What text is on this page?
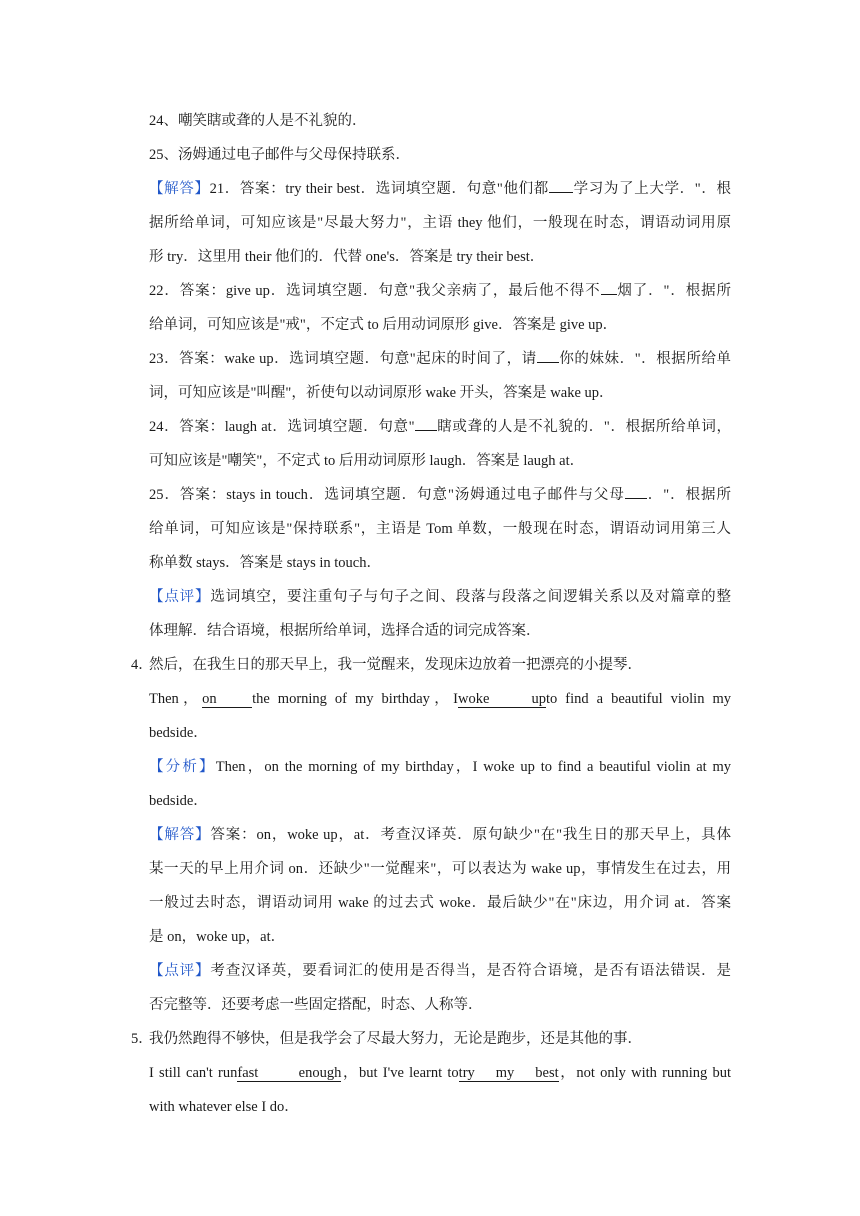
24、嘲笑瞎或聋的人是不礼貌的．
25、汤姆通过电子邮件与父母保持联系．
【解答】21．答案：try their best．选词填空题．句意"他们都 学习为了上大学．"．根
据所给单词，可知应该是"尽最大努力"，主语 they 他们，一般现在时态，谓语动词用原
形 try．这里用 their 他们的．代替 one's．答案是 try their best．
22．答案：give up．选词填空题．句意"我父亲病了，最后他不得不 烟了．"．根据所
给单词，可知应该是"戒"，不定式 to 后用动词原形 give．答案是 give up．
23．答案：wake up．选词填空题．句意"起床的时间了，请 你的妹妹．"．根据所给单
词，可知应该是"叫醒"，祈使句以动词原形 wake 开头，答案是 wake up．
24．答案：laugh at．选词填空题．句意" 瞎或聋的人是不礼貌的．"．根据所给单词，
可知应该是"嘲笑"，不定式 to 后用动词原形 laugh．答案是 laugh at．
25．答案：stays in touch．选词填空题．句意"汤姆通过电子邮件与父母 ．"．根据所
给单词，可知应该是"保持联系"，主语是 Tom 单数，一般现在时态，谓语动词用第三人
称单数 stays．答案是 stays in touch．
【点评】选词填空，要注重句子与句子之间、段落与段落之间逻辑关系以及对篇章的整
体理解．结合语境，根据所给单词，选择合适的词完成答案．
4．
然后，在我生日的那天早上，我一觉醒来，发现床边放着一把漂亮的小提琴．
Then，on the morning of my birthday，Iwoke upto find a beautiful violin my
bedside．
【分析】Then，on the morning of my birthday，I woke up to find a beautiful violin at my
bedside．
【解答】答案：on，woke up，at．考查汉译英．原句缺少"在"我生日的那天早上，具体
某一天的早上用介词 on．还缺少"一觉醒来"，可以表达为 wake up，事情发生在过去，用
一般过去时态，谓语动词用 wake 的过去式 woke．最后缺少"在"床边，用介词 at．答案
是 on，woke up，at．
【点评】考查汉译英，要看词汇的使用是否得当，是否符合语境，是否有语法错误．是
否完整等．还要考虑一些固定搭配，时态、人称等．
5．
我仍然跑得不够快，但是我学会了尽最大努力，无论是跑步，还是其他的事．
I still can't runfast enough，but I've learnt totry my best，not only with running but
with whatever else I do．
